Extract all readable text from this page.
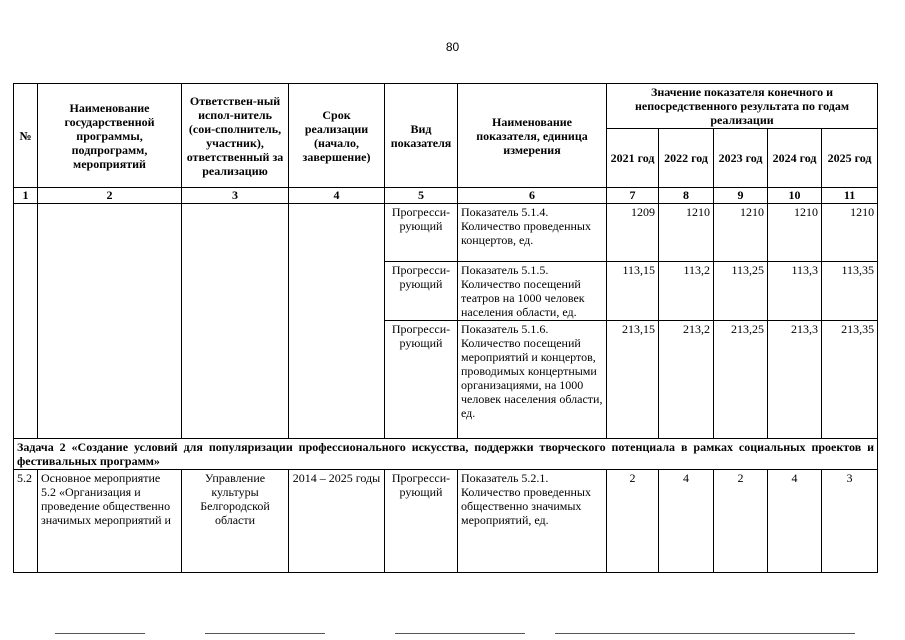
80
№	Наименование государственной программы, подпрограмм, мероприятий	Ответствен-ный испол-нитель (сои-сполнитель, участник), ответственный за реализацию	Срок реализации (начало, завершение)	Вид показателя	Наименование показателя, единица измерения	Значение показателя конечного и непосредственного результата по годам реализации				
						2021 год	2022 год	2023 год	2024 год	2025 год
1	2	3	4	5	6	7	8	9	10	11
				Прогресси-рующий	Показатель 5.1.4. Количество проведенных концертов, ед.	1209	1210	1210	1210	1210
				Прогресси-рующий	Показатель 5.1.5. Количество посещений театров на 1000 человек населения области, ед.	113,15	113,2	113,25	113,3	113,35
				Прогресси-рующий	Показатель 5.1.6. Количество посещений мероприятий и концертов, проводимых концертными организациями, на 1000 человек населения области, ед.	213,15	213,2	213,25	213,3	213,35
Задача 2 «Создание условий для популяризации профессионального искусства, поддержки творческого потенциала в рамках социальных проектов и фестивальных программ»										
5.2	Основное мероприятие 5.2 «Организация и проведение общественно значимых мероприятий и	Управление культуры Белгородской области	2014 – 2025 годы	Прогресси-рующий	Показатель 5.2.1. Количество проведенных общественно значимых мероприятий, ед.	2	4	2	4	3
